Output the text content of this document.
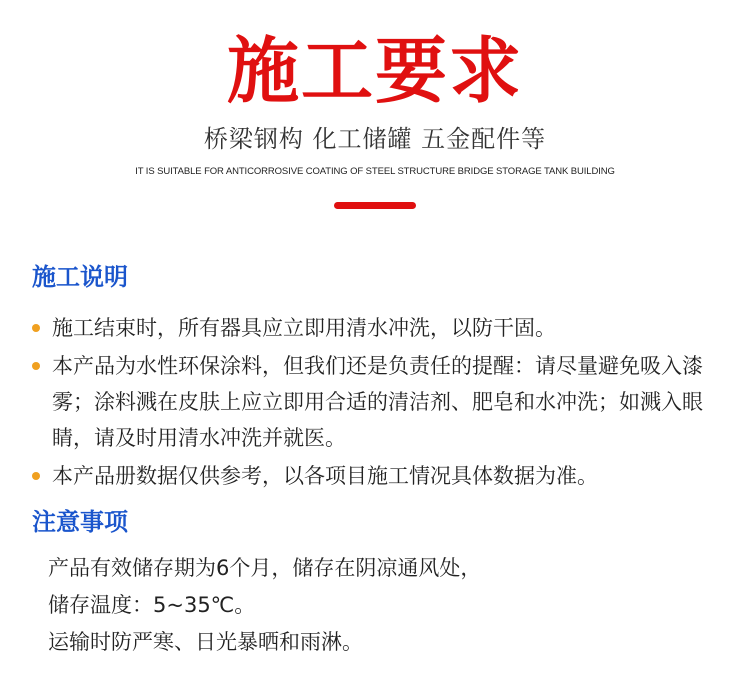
施工要求
桥梁钢构 化工储罐 五金配件等
IT IS SUITABLE FOR ANTICORROSIVE COATING OF STEEL STRUCTURE BRIDGE STORAGE TANK BUILDING
施工说明
施工结束时，所有器具应立即用清水冲洗，以防干固。
本产品为水性环保涂料，但我们还是负责任的提醒：请尽量避免吸入漆雾；涂料溅在皮肤上应立即用合适的清洁剂、肥皂和水冲洗；如溅入眼睛，请及时用清水冲洗并就医。
本产品册数据仅供参考，以各项目施工情况具体数据为准。
注意事项
产品有效储存期为6个月，储存在阴凉通风处，
储存温度：5~35℃。
运输时防严寒、日光暴晒和雨淋。
